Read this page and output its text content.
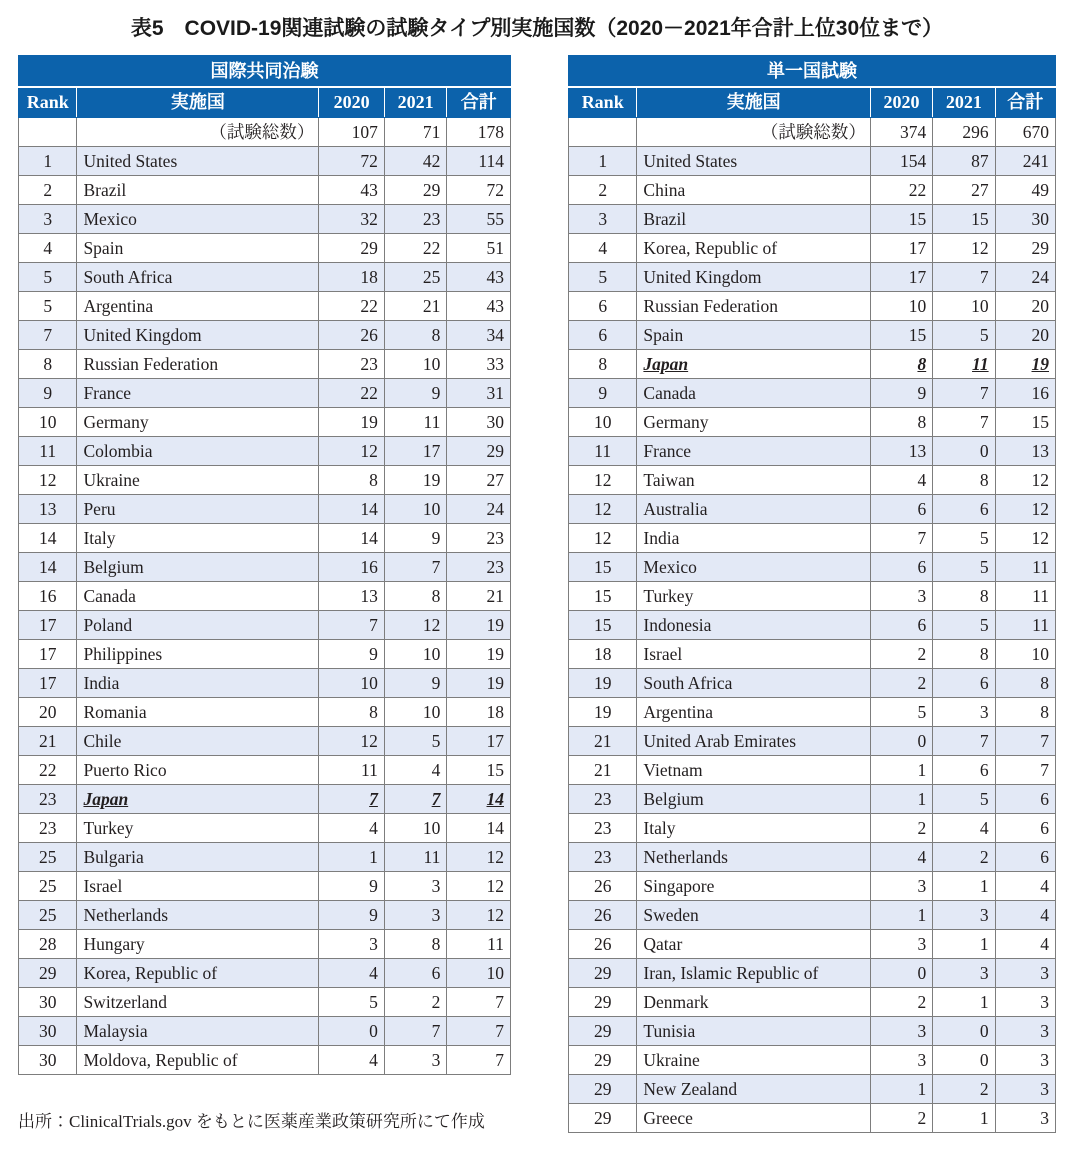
表5　COVID-19関連試験の試験タイプ別実施国数（2020－2021年合計上位30位まで）
国際共同治験				
Rank	実施国	2020	2021	合計
	（試験総数）	107	71	178
1	United States	72	42	114
2	Brazil	43	29	72
3	Mexico	32	23	55
4	Spain	29	22	51
5	South Africa	18	25	43
5	Argentina	22	21	43
7	United Kingdom	26	8	34
8	Russian Federation	23	10	33
9	France	22	9	31
10	Germany	19	11	30
11	Colombia	12	17	29
12	Ukraine	8	19	27
13	Peru	14	10	24
14	Italy	14	9	23
14	Belgium	16	7	23
16	Canada	13	8	21
17	Poland	7	12	19
17	Philippines	9	10	19
17	India	10	9	19
20	Romania	8	10	18
21	Chile	12	5	17
22	Puerto Rico	11	4	15
23	Japan	7	7	14
23	Turkey	4	10	14
25	Bulgaria	1	11	12
25	Israel	9	3	12
25	Netherlands	9	3	12
28	Hungary	3	8	11
29	Korea, Republic of	4	6	10
30	Switzerland	5	2	7
30	Malaysia	0	7	7
30	Moldova, Republic of	4	3	7
単一国試験				
Rank	実施国	2020	2021	合計
	（試験総数）	374	296	670
1	United States	154	87	241
2	China	22	27	49
3	Brazil	15	15	30
4	Korea, Republic of	17	12	29
5	United Kingdom	17	7	24
6	Russian Federation	10	10	20
6	Spain	15	5	20
8	Japan	8	11	19
9	Canada	9	7	16
10	Germany	8	7	15
11	France	13	0	13
12	Taiwan	4	8	12
12	Australia	6	6	12
12	India	7	5	12
15	Mexico	6	5	11
15	Turkey	3	8	11
15	Indonesia	6	5	11
18	Israel	2	8	10
19	South Africa	2	6	8
19	Argentina	5	3	8
21	United Arab Emirates	0	7	7
21	Vietnam	1	6	7
23	Belgium	1	5	6
23	Italy	2	4	6
23	Netherlands	4	2	6
26	Singapore	3	1	4
26	Sweden	1	3	4
26	Qatar	3	1	4
29	Iran, Islamic Republic of	0	3	3
29	Denmark	2	1	3
29	Tunisia	3	0	3
29	Ukraine	3	0	3
29	New Zealand	1	2	3
29	Greece	2	1	3
出所：ClinicalTrials.gov をもとに医薬産業政策研究所にて作成
